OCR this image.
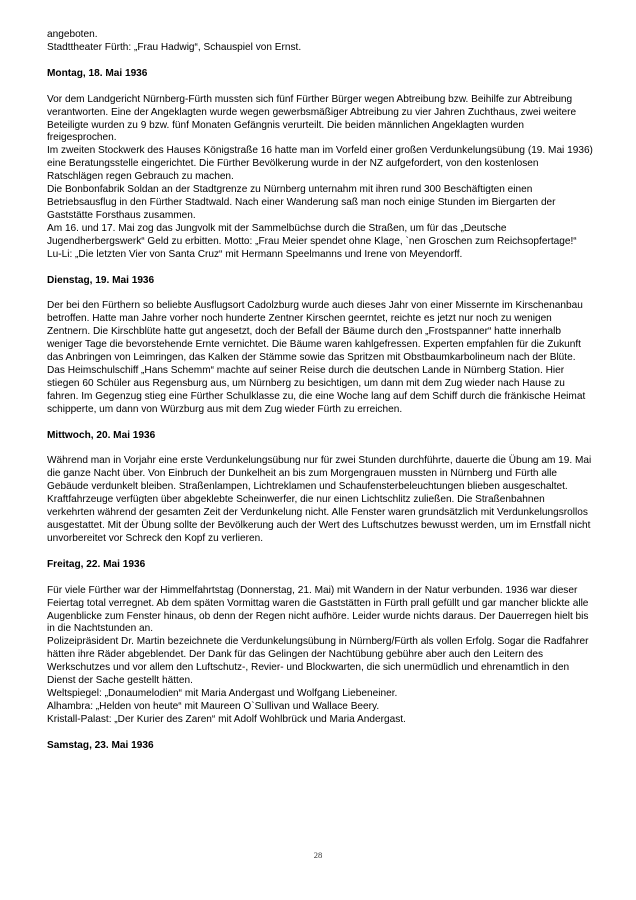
angeboten.

Stadttheater Fürth: „Frau Hadwig“, Schauspiel von Ernst.

Montag, 18. Mai 1936

Vor dem Landgericht Nürnberg-Fürth mussten sich fünf Fürther Bürger wegen Abtreibung bzw. Beihilfe zur Abtreibung verantworten. Eine der Angeklagten wurde wegen gewerbsmäßiger Abtreibung zu vier Jahren Zuchthaus, zwei weitere Beteiligte wurden zu 9 bzw. fünf Monaten Gefängnis verurteilt. Die beiden männlichen Angeklagten wurden freigesprochen.

Im zweiten Stockwerk des Hauses Königstraße 16 hatte man im Vorfeld einer großen Verdunkelungsübung (19. Mai 1936) eine Beratungsstelle eingerichtet. Die Fürther Bevölkerung wurde in der NZ aufgefordert, von den kostenlosen Ratschlägen regen Gebrauch zu machen.

Die Bonbonfabrik Soldan an der Stadtgrenze zu Nürnberg unternahm mit ihren rund 300 Beschäftigten einen Betriebsausflug in den Fürther Stadtwald. Nach einer Wanderung saß man noch einige Stunden im Biergarten der Gaststätte Forsthaus zusammen.

Am 16. und 17. Mai zog das Jungvolk mit der Sammelbüchse durch die Straßen, um für das „Deutsche Jugendherbergswerk“ Geld zu erbitten. Motto: „Frau Meier spendet ohne Klage, `nen Groschen zum Reichsopfertage!“

Lu-Li: „Die letzten Vier von Santa Cruz“ mit Hermann Speelmanns und Irene von Meyendorff.

Dienstag, 19. Mai 1936

Der bei den Fürthern so beliebte Ausflugsort Cadolzburg wurde auch dieses Jahr von einer Missernte im Kirschenanbau betroffen. Hatte man Jahre vorher noch hunderte Zentner Kirschen geerntet, reichte es jetzt nur noch zu wenigen Zentnern. Die Kirschblüte hatte gut angesetzt, doch der Befall der Bäume durch den „Frostspanner“ hatte innerhalb weniger Tage die bevorstehende Ernte vernichtet. Die Bäume waren kahlgefressen. Experten empfahlen für die Zukunft das Anbringen von Leimringen, das Kalken der Stämme sowie das Spritzen mit Obstbaumkarbolineum nach der Blüte.

Das Heimschulschiff „Hans Schemm“ machte auf seiner Reise durch die deutschen Lande in Nürnberg Station. Hier stiegen 60 Schüler aus Regensburg aus, um Nürnberg zu besichtigen, um dann mit dem Zug wieder nach Hause zu fahren. Im Gegenzug stieg eine Fürther Schulklasse zu, die eine Woche lang auf dem Schiff durch die fränkische Heimat schipperte, um dann von Würzburg aus mit dem Zug wieder Fürth zu erreichen.

Mittwoch, 20. Mai 1936

Während man in Vorjahr eine erste Verdunkelungsübung nur für zwei Stunden durchführte, dauerte die Übung am 19. Mai die ganze Nacht über. Von Einbruch der Dunkelheit an bis zum Morgengrauen mussten in Nürnberg und Fürth alle Gebäude verdunkelt bleiben. Straßenlampen, Lichtreklamen und Schaufensterbeleuchtungen blieben ausgeschaltet. Kraftfahrzeuge verfügten über abgeklebte Scheinwerfer, die nur einen Lichtschlitz zuließen. Die Straßenbahnen verkehrten während der gesamten Zeit der Verdunkelung nicht. Alle Fenster waren grundsätzlich mit Verdunkelungsrollos ausgestattet. Mit der Übung sollte der Bevölkerung auch der Wert des Luftschutzes bewusst werden, um im Ernstfall nicht unvorbereitet vor Schreck den Kopf zu verlieren.

Freitag, 22. Mai 1936

Für viele Fürther war der Himmelfahrtstag (Donnerstag, 21. Mai) mit Wandern in der Natur verbunden. 1936 war dieser Feiertag total verregnet. Ab dem späten Vormittag waren die Gaststätten in Fürth prall gefüllt und gar mancher blickte alle Augenblicke zum Fenster hinaus, ob denn der Regen nicht aufhöre. Leider wurde nichts daraus. Der Dauerregen hielt bis in die Nachtstunden an.

Polizeipräsident Dr. Martin bezeichnete die Verdunkelungsübung in Nürnberg/Fürth als vollen Erfolg. Sogar die Radfahrer hätten ihre Räder abgeblendet. Der Dank für das Gelingen der Nachtübung gebühre aber auch den Leitern des Werkschutzes und vor allem den Luftschutz-, Revier- und Blockwarten, die sich unermüdlich und ehrenamtlich in den Dienst der Sache gestellt hätten.

Weltspiegel: „Donaumelodien“ mit Maria Andergast und Wolfgang Liebeneiner.

Alhambra: „Helden von heute“ mit Maureen O`Sullivan und Wallace Beery.

Kristall-Palast: „Der Kurier des Zaren“ mit Adolf Wohlbrück und Maria Andergast.

Samstag, 23. Mai 1936

28
